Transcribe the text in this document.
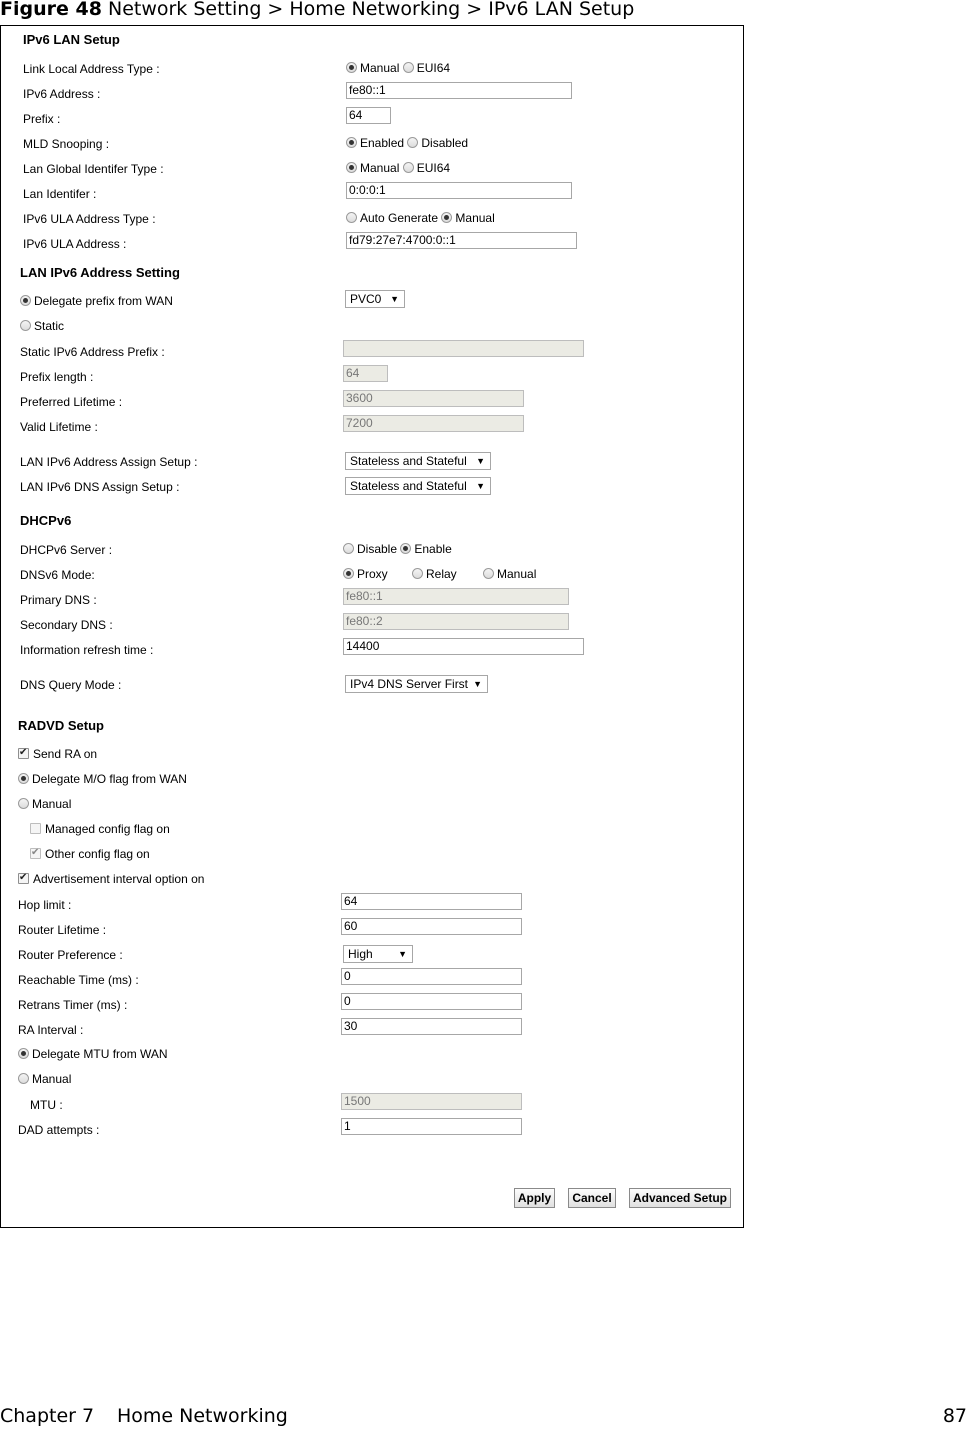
Figure 48 Network Setting > Home Networking > IPv6 LAN Setup
IPv6 LAN Setup
Link Local Address Type :	Manual EUI64
IPv6 Address :	fe80::1
Prefix :	64
MLD Snooping :	Enabled Disabled
Lan Global Identifer Type :	Manual EUI64
Lan Identifer :	0:0:0:1
IPv6 ULA Address Type :	Auto Generate Manual
IPv6 ULA Address :	fd79:27e7:4700:0::1
LAN IPv6 Address Setting
Delegate prefix from WAN	PVC0 ▼
Static
Static IPv6 Address Prefix :
Prefix length :	64
Preferred Lifetime :	3600
Valid Lifetime :	7200
LAN IPv6 Address Assign Setup :	Stateless and Stateful ▼
LAN IPv6 DNS Assign Setup :	Stateless and Stateful ▼
DHCPv6
DHCPv6 Server :	Disable Enable
DNSv6 Mode:	Proxy	Relay	Manual
Primary DNS :	fe80::1
Secondary DNS :	fe80::2
Information refresh time :	14400
DNS Query Mode :	IPv4 DNS Server First ▼
RADVD Setup
✔Send RA on
Delegate M/O flag from WAN
Manual
Managed config flag on
✔Other config flag on
✔Advertisement interval option on
Hop limit :	64
Router Lifetime :	60
Router Preference :	High	▼
Reachable Time (ms) :	0
Retrans Timer (ms) :	0
RA Interval :	30
Delegate MTU from WAN
Manual
MTU :	1500
DAD attempts :	1
Apply	Cancel	Advanced Setup
Chapter 7 Home Networking	87
